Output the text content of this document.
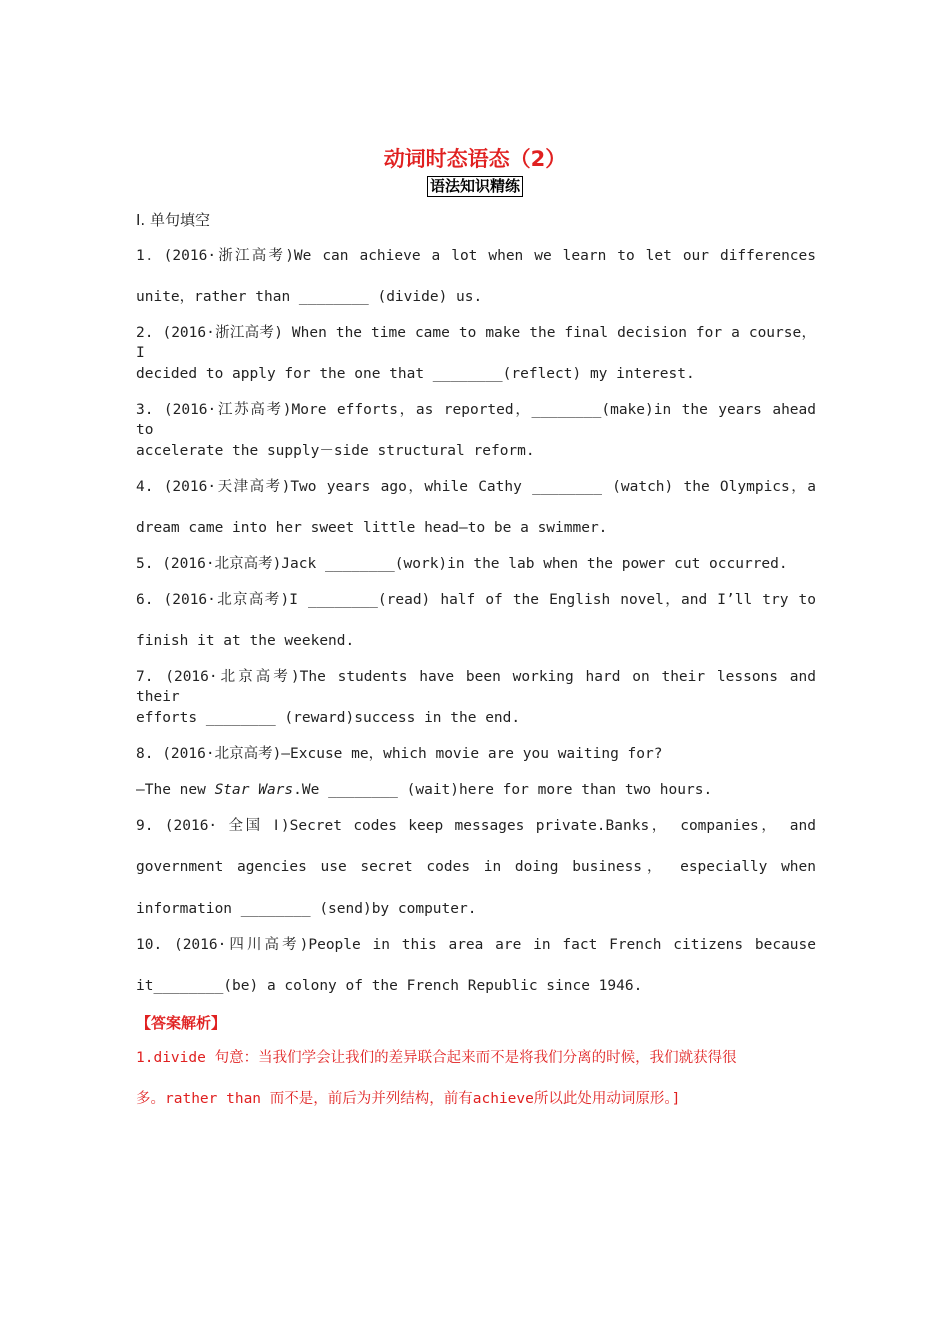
动词时态语态（2）
语法知识精练
Ⅰ. 单句填空
1．(2016·浙江高考)We can achieve a lot when we learn to let our differences
unite，rather than ________ (divide) us.
2. (2016·浙江高考) When the time came to make the final decision for a course，I
decided to apply for the one that ________(reflect) my interest.
3. (2016·江苏高考)More efforts，as reported，________(make)in the years ahead to
accelerate the supply－side structural reform.
4. (2016·天津高考)Two years ago，while Cathy ________ (watch) the Olympics，a
dream came into her sweet little head—to be a swimmer.
5. (2016·北京高考)Jack ________(work)in the lab when the power cut occurred.
6. (2016·北京高考)I ________(read) half of the English novel，and I’ll try to
finish it at the weekend.
7. (2016·北京高考)The students have been working hard on their lessons and their
efforts ________ (reward)success in the end.
8. (2016·北京高考)—Excuse me，which movie are you waiting for?
—The new Star Wars.We ________ (wait)here for more than two hours.
9. (2016· 全国 Ⅰ)Secret codes keep messages private.Banks， companies， and
government agencies use secret codes in doing business， especially when
information ________ (send)by computer.
10. (2016·四川高考)People in this area are in fact French citizens because
it________(be) a colony of the French Republic since 1946.
【答案解析】
1.divide 句意：当我们学会让我们的差异联合起来而不是将我们分离的时候，我们就获得很
多。rather than 而不是，前后为并列结构，前有achieve所以此处用动词原形。]
